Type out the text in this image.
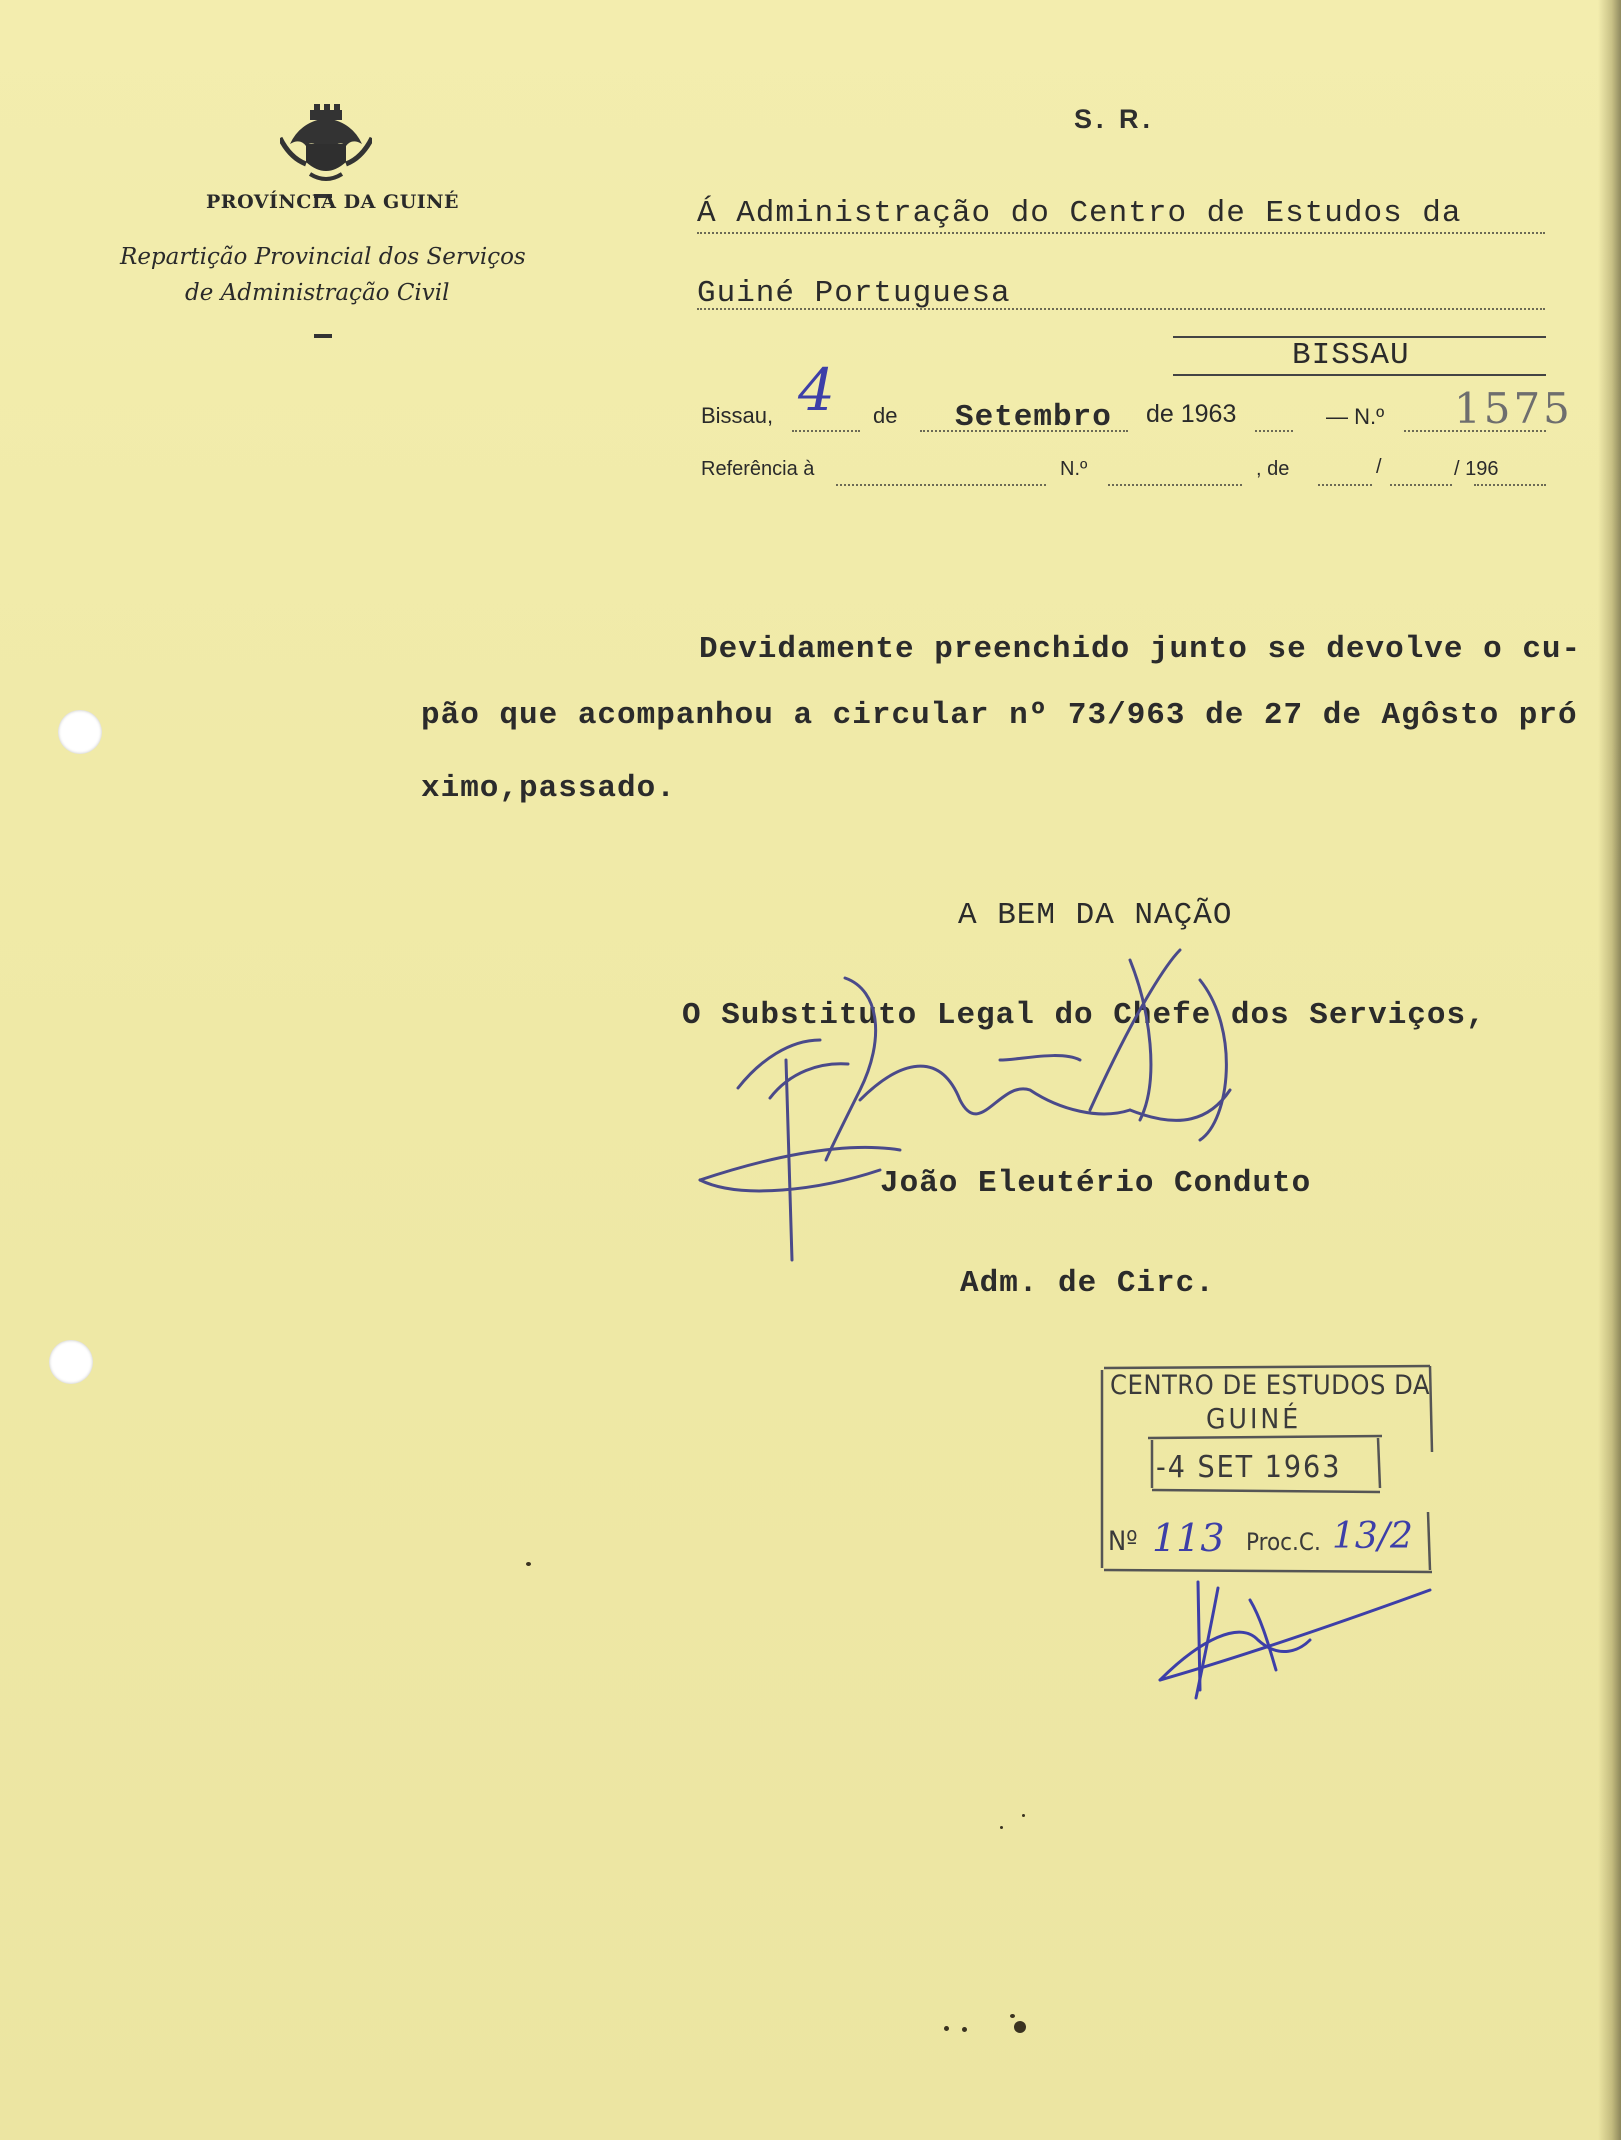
PROVÍNCIA DA GUINÉ
Repartição Provincial dos Serviços
de Administração Civil
S. R.
Á Administração do Centro de Estudos da
Guiné Portuguesa
BISSAU
Bissau, 4 de Setembro de 1963	— N.º 1575
Referência à	N.º	, de	/	/ 196
Devidamente preenchido junto se devolve o cu-
pão que acompanhou a circular nº 73/963 de 27 de Agôsto pró
ximo,passado.
A BEM DA NAÇÃO
O Substituto Legal do Chefe dos Serviços,
João Eleutério Conduto
Adm. de Circ.
CENTRO DE ESTUDOS DA
GUINÉ
-4 SET 1963
Nº 113 Proc.C. 13/2
